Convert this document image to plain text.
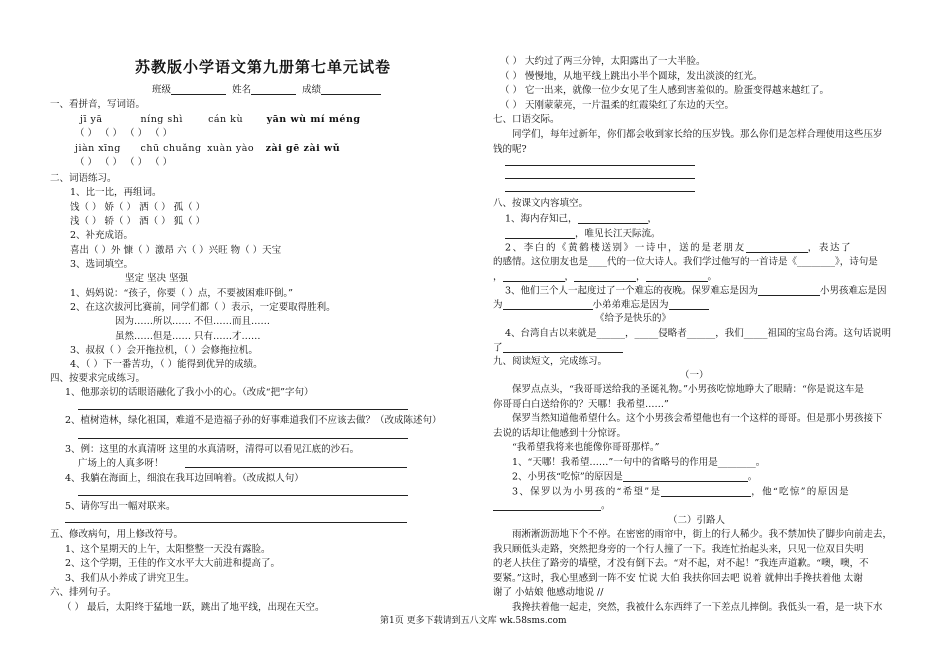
苏教版小学语文第九册第七单元试卷
班级	姓名	成绩
一、看拼音，写词语。
jī yā	níng shì	cán kù yān wù mí méng
（ ） （ ） （ ） （ ）
jiàn xīng chū chuǎng xuàn yào zài gē zài wǔ
（ ） （ ） （ ） （ ）
二、词语练习。
1、比一比，再组词。
饯（ ） 娇（ ） 洒（ ） 孤（ ）
浅（ ） 轿（ ） 酒（ ） 狐（ ）
2、补充成语。
喜出（ ）外 慷（ ）激昂 六（ ）兴旺 物（ ）天宝
3、选词填空。
坚定 坚决 坚强
1、妈妈说：“孩子，你要（ ）点，不要被困难吓倒。”
2、在这次拔河比赛前，同学们都（ ）表示，一定要取得胜利。
因为……所以…… 不但……而且……
虽然……但是…… 只有……才……
3、叔叔（ ）会开拖拉机，（ ）会修拖拉机。
4、（ ）下一番苦功，（ ）能得到优异的成绩。
四、按要求完成练习。
1、他那亲切的话眼语融化了我小小的心。（改成“把”字句）
2、植树造林，绿化祖国，难道不是造福子孙的好事难道我们不应该去做？（改成陈述句）
3、例：这里的水真清呀 这里的水真清呀，清得可以看见江底的沙石。
广场上的人真多呀！
4、我躺在海面上，细浪在我耳边回响着。（改成拟人句）
5、请你写出一幅对联来。
五、修改病句，用上修改符号。
1、这个星期天的上午，太阳整整一天没有露脸。
2、这个学期，王佳的作文水平大大前进和提高了。
3、我们从小养成了讲究卫生。
六、排列句子。
（ ） 最后，太阳终于猛地一跃，跳出了地平线，出现在天空。
（ ） 大约过了两三分钟，太阳露出了一大半脸。
（ ） 慢慢地，从地平线上跳出小半个圆球，发出淡淡的红光。
（ ） 它一出来，就像一位少女见了生人感到害羞似的。脸蛋变得越来越红了。
（ ） 天刚蒙蒙亮，一片温柔的红霞染红了东边的天空。
七、口语交际。
同学们，每年过新年，你们都会收到家长给的压岁钱。那么你们是怎样合理使用这些压岁
钱的呢?
八、按课文内容填空。
1、海内存知己，	，
，唯见长江天际流。
2、李白的《黄鹤楼送别》一诗中，送的是老朋友	，表达了
的感情。这位朋友也是____代的一位大诗人。我们学过他写的一首诗是《________》，诗句是
，	，	，	。
3、他们三个人一起度过了一个难忘的夜晚。保罗难忘是因为	小男孩难忘是因
为	小弟弟难忘是因为
《给予是快乐的》
4、台湾自古以来就是______，_____侵略者______，我们_____祖国的宝岛台湾。这句话说明
了
九、阅读短文，完成练习。
（一）
保罗点点头，“我哥哥送给我的圣诞礼物。”小男孩吃惊地睁大了眼睛：“你是说这车是
你哥哥白白送给你的？天哪！我希望……”
保罗当然知道他希望什么。这个小男孩会希望他也有一个这样的哥哥。但是那小男孩接下
去说的话却让他感到十分惊讶。
“我希望我将来也能像你哥哥那样。”
1、“天哪！我希望……”一句中的省略号的作用是________。
2、小男孩“吃惊”的原因是	。
3、保罗以为小男孩的“希望”是	，他“吃惊”的原因是
。
（二）引路人
雨淅淅沥沥地下个不停。在密密的雨帘中，街上的行人稀少。我不禁加快了脚步向前走去，
我只顾低头走路，突然把身旁的一个行人撞了一下。我连忙抬起头来，只见一位双目失明
的老人扶住了路旁的墙壁，才没有倒下去。“对不起，对不起！”我连声道歉。“噢，噢，不
要紧。”这时，我心里感到一阵不安 忙说 大伯 我扶你回去吧 说着 就伸出手搀扶着他 太谢
谢了 小姑娘 他感动地说 //
我搀扶着他一起走，突然，我被什么东西绊了一下差点儿摔倒。我低头一看，是一块下水
第1页 更多下载请到五八文库 wk.58sms.com
